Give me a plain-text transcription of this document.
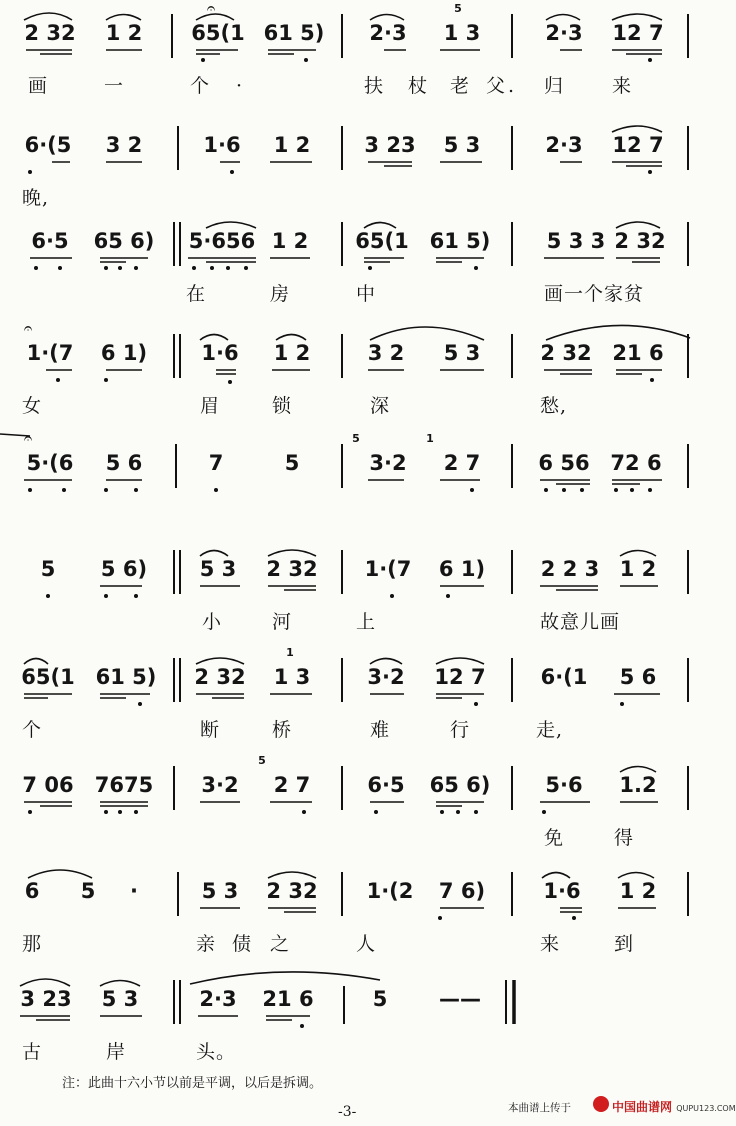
𝄐	5
2 32 1 2 65(1 61 5) 2·3 1 3	2·3 12 7
画	一	个 ·	扶 杖 老 父 . 归	来
6·(5 3 2	1·6 1 2	3 23 5 3	2·3 12 7
晚,
6·5 65 6) 5·656 1 2 65(1 61 5)	5 3 3 2 32
在	房	中	画一个家贫
𝄐
1·(7 6 1)	1·6 1 2	3 2 5 3	2 32 21 6
女	眉	锁	深	愁,
𝄐	5	1
5·(6 5 6	7	5	3·2 2 7	6 56 72 6
5 5 6)	5 3 2 32 1·(7 6 1)	2 2 3 1 2
小	河	上	故意儿画
1
65(1 61 5) 2 32 1 3	3·2 12 7	6·(1 5 6
个	断	桥	难	行	走,
5
7 06 7675 3·2 2 7	6·5 65 6)	5·6 1.2
免	得
6 5 ·	5 3 2 32 1·(2 7 6)	1·6 1 2
那	亲 债 之	人	来	到
3 23 5 3	2·3 21 6	5 ——
古	岸	头。
注：此曲十六小节以前是平调，以后是拆调。
-3-	本曲谱上传于	中国曲谱网 QUPU123.COM
